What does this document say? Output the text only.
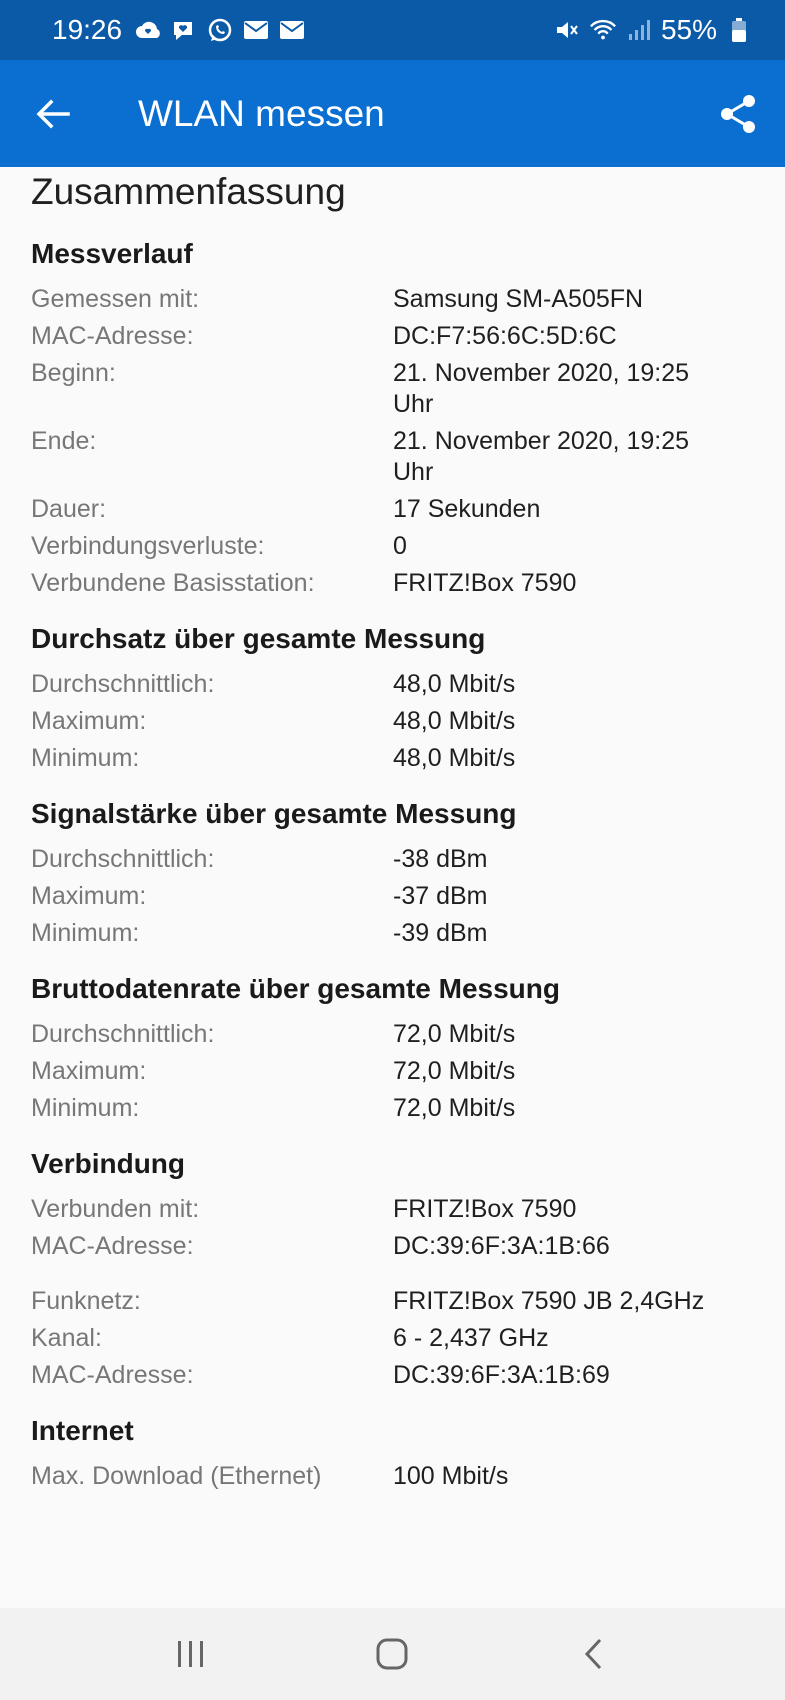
19:26	55%
WLAN messen
Zusammenfassung
Messverlauf
Gemessen mit:	Samsung SM-A505FN
MAC-Adresse:	DC:F7:56:6C:5D:6C
Beginn:	21. November 2020, 19:25 Uhr
Ende:	21. November 2020, 19:25 Uhr
Dauer:	17 Sekunden
Verbindungsverluste:	0
Verbundene Basisstation:	FRITZ!Box 7590
Durchsatz über gesamte Messung
Durchschnittlich:	48,0 Mbit/s
Maximum:	48,0 Mbit/s
Minimum:	48,0 Mbit/s
Signalstärke über gesamte Messung
Durchschnittlich:	-38 dBm
Maximum:	-37 dBm
Minimum:	-39 dBm
Bruttodatenrate über gesamte Messung
Durchschnittlich:	72,0 Mbit/s
Maximum:	72,0 Mbit/s
Minimum:	72,0 Mbit/s
Verbindung
Verbunden mit:	FRITZ!Box 7590
MAC-Adresse:	DC:39:6F:3A:1B:66
Funknetz:	FRITZ!Box 7590 JB 2,4GHz
Kanal:	6 - 2,437 GHz
MAC-Adresse:	DC:39:6F:3A:1B:69
Internet
Max. Download (Ethernet)	100 Mbit/s
